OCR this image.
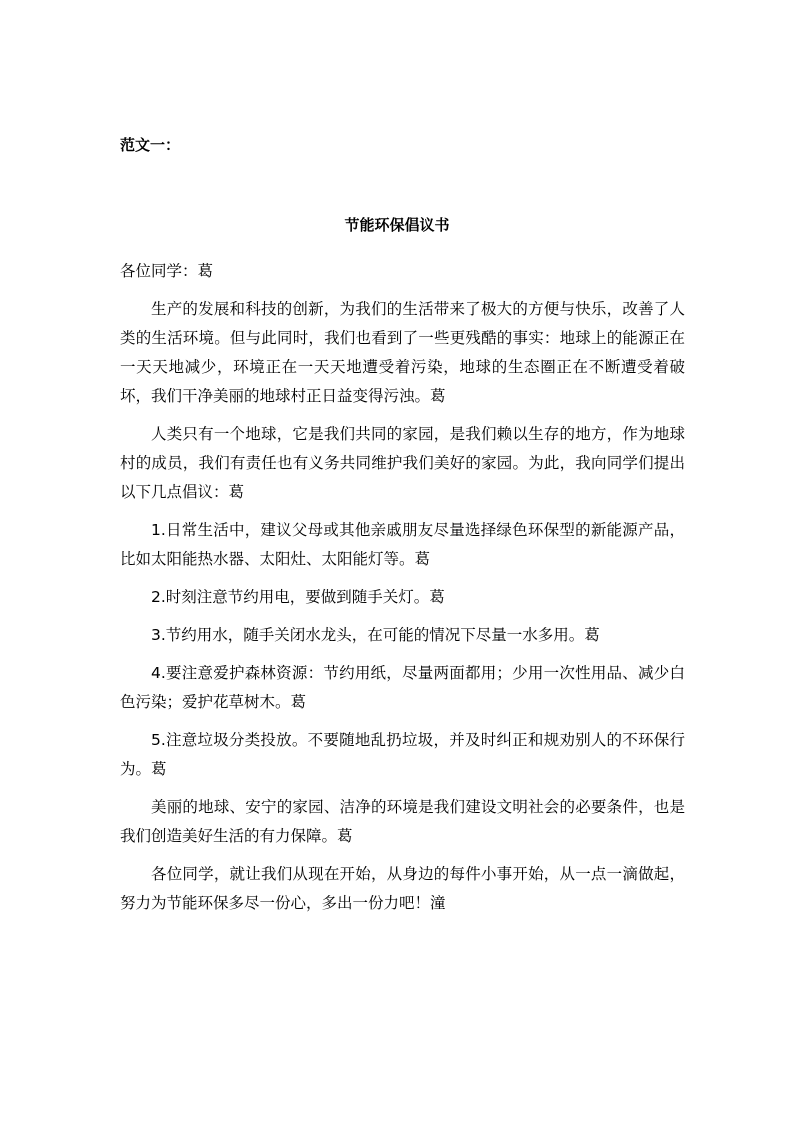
范文一：
节能环保倡议书

各位同学：葛

生产的发展和科技的创新，为我们的生活带来了极大的方便与快乐，改善了人类的生活环境。但与此同时，我们也看到了一些更残酷的事实：地球上的能源正在一天天地减少，环境正在一天天地遭受着污染，地球的生态圈正在不断遭受着破坏，我们干净美丽的地球村正日益变得污浊。葛

人类只有一个地球，它是我们共同的家园，是我们赖以生存的地方，作为地球村的成员，我们有责任也有义务共同维护我们美好的家园。为此，我向同学们提出以下几点倡议：葛

1.日常生活中，建议父母或其他亲戚朋友尽量选择绿色环保型的新能源产品，比如太阳能热水器、太阳灶、太阳能灯等。葛

2.时刻注意节约用电，要做到随手关灯。葛

3.节约用水，随手关闭水龙头，在可能的情况下尽量一水多用。葛

4.要注意爱护森林资源：节约用纸，尽量两面都用；少用一次性用品、减少白色污染；爱护花草树木。葛

5.注意垃圾分类投放。不要随地乱扔垃圾，并及时纠正和规劝别人的不环保行为。葛

美丽的地球、安宁的家园、洁净的环境是我们建设文明社会的必要条件，也是我们创造美好生活的有力保障。葛

各位同学，就让我们从现在开始，从身边的每件小事开始，从一点一滴做起，努力为节能环保多尽一份心，多出一份力吧！潼
